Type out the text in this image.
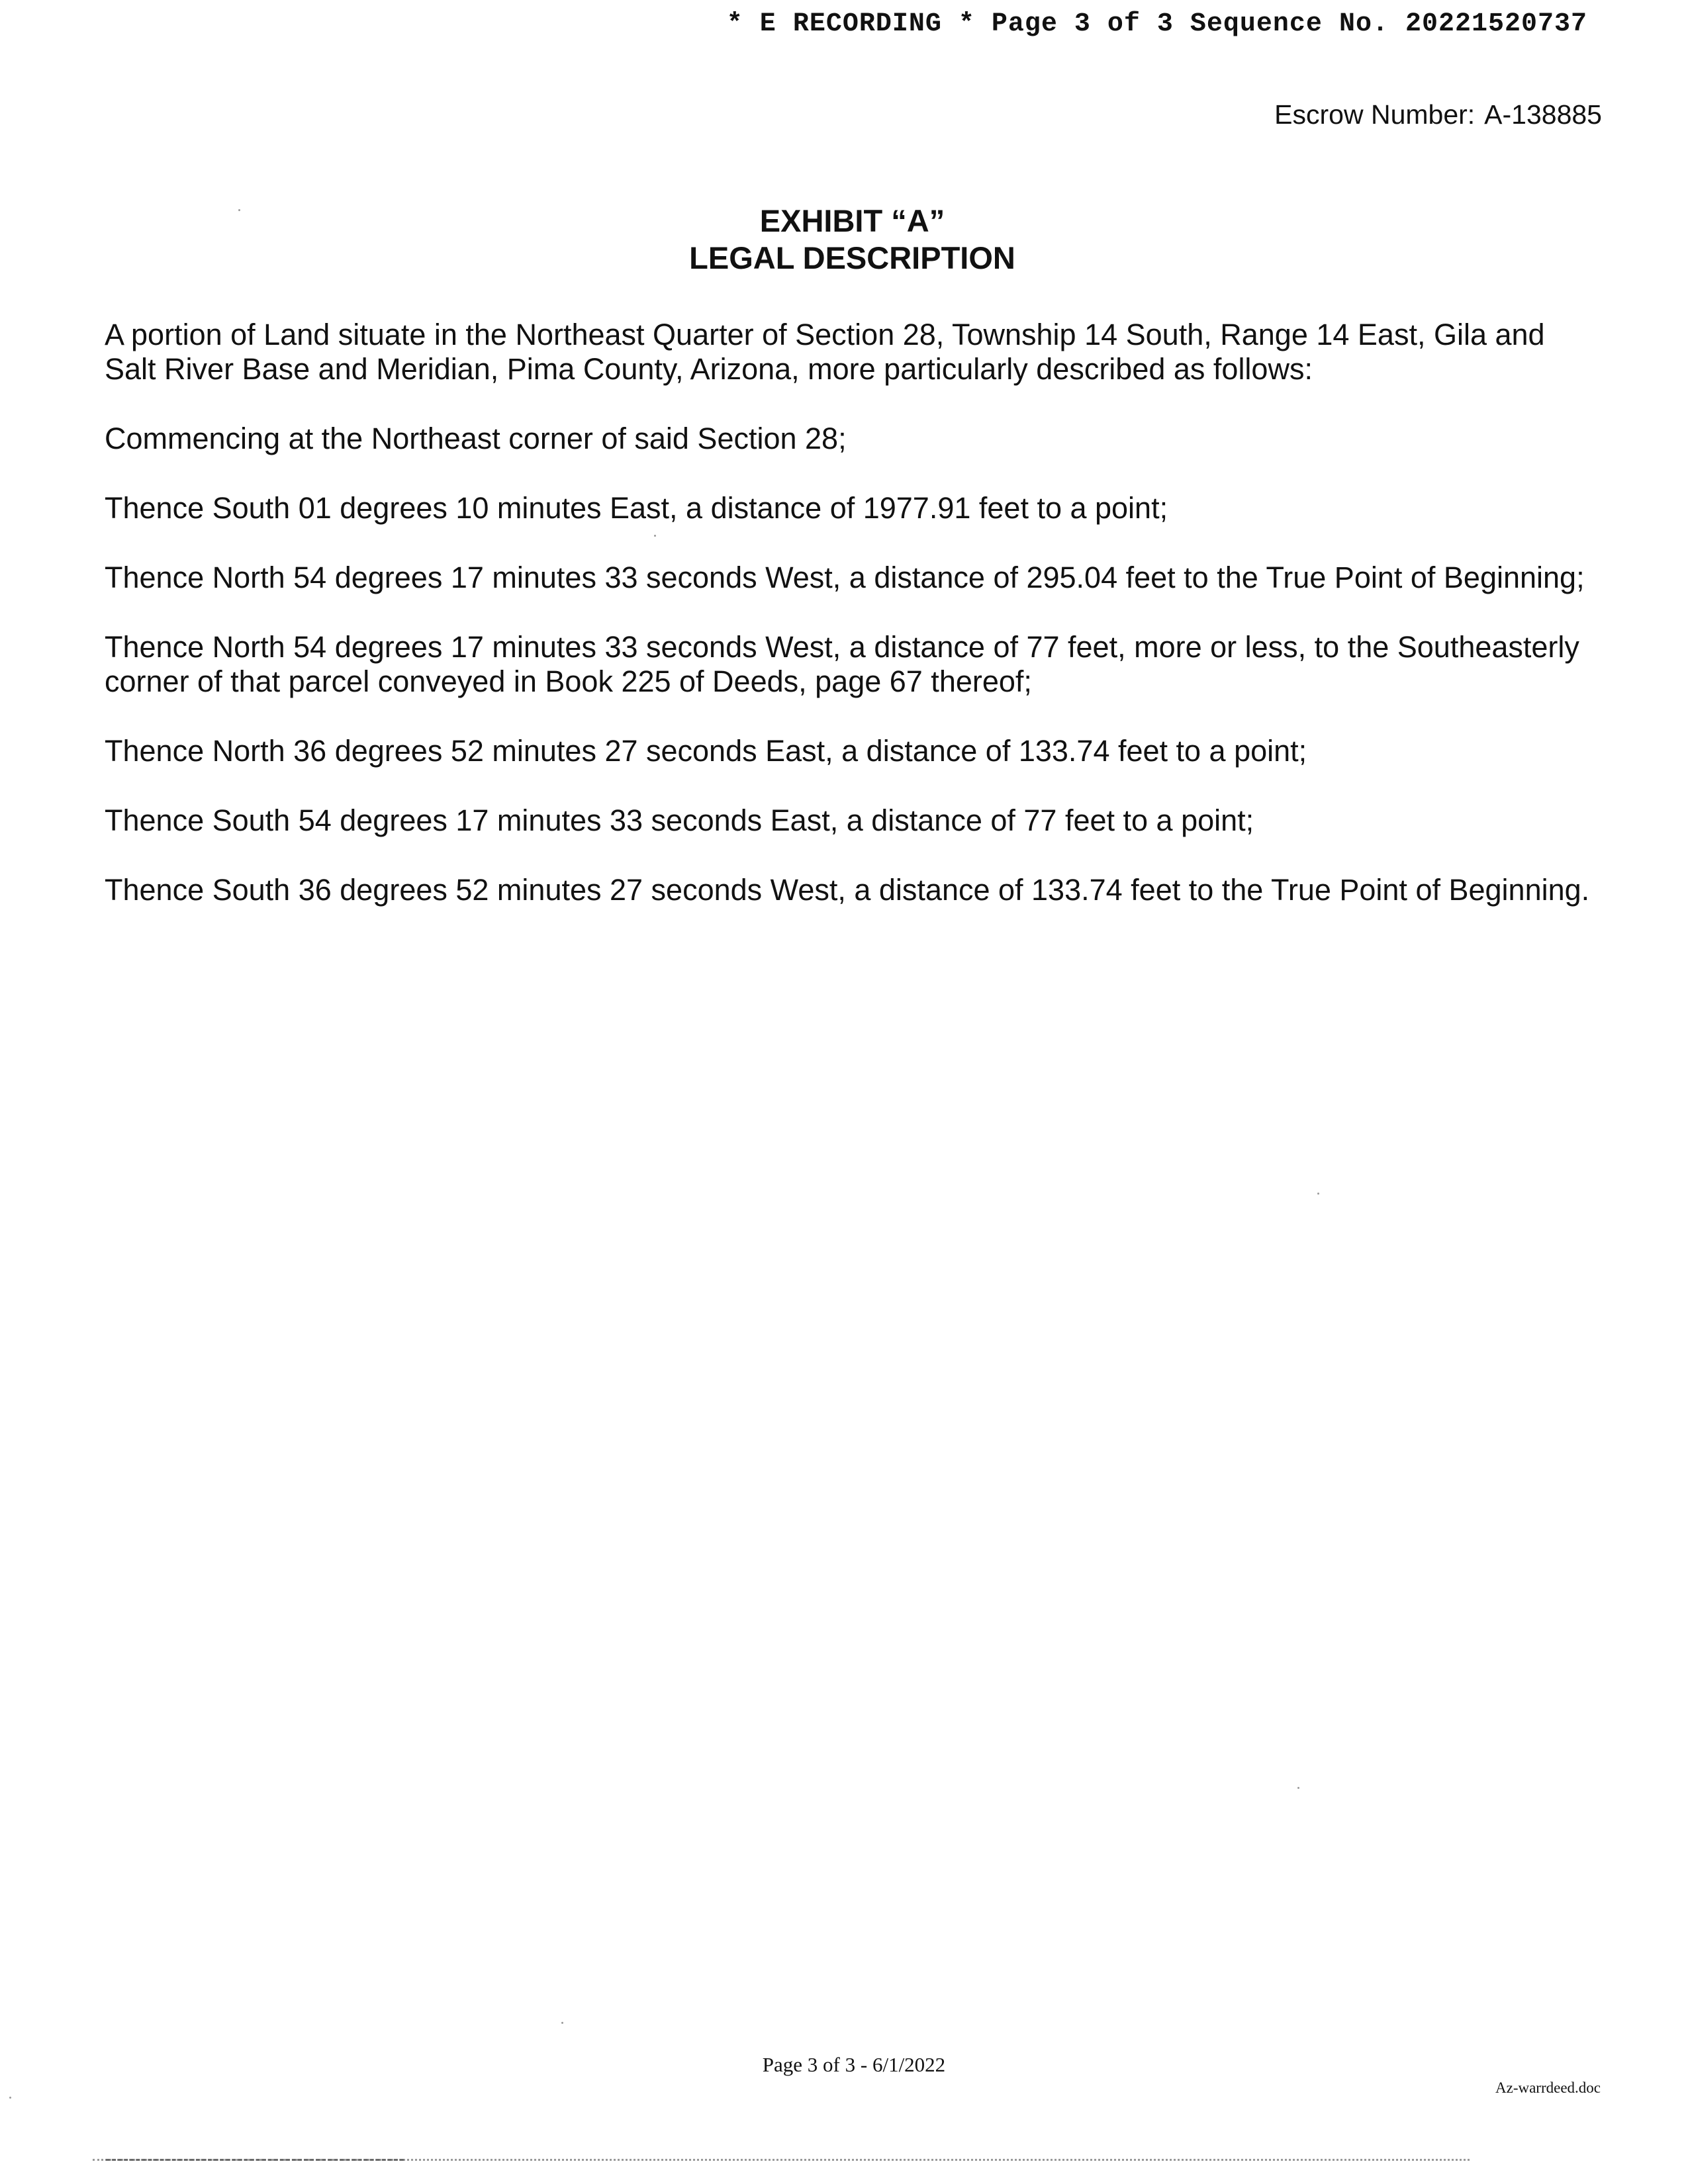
* E RECORDING * Page 3 of 3 Sequence No. 20221520737
Escrow Number: A-138885
EXHIBIT “A”
LEGAL DESCRIPTION

A portion of Land situate in the Northeast Quarter of Section 28, Township 14 South, Range 14 East, Gila and Salt River Base and Meridian, Pima County, Arizona, more particularly described as follows:

Commencing at the Northeast corner of said Section 28;

Thence South 01 degrees 10 minutes East, a distance of 1977.91 feet to a point;

Thence North 54 degrees 17 minutes 33 seconds West, a distance of 295.04 feet to the True Point of Beginning;

Thence North 54 degrees 17 minutes 33 seconds West, a distance of 77 feet, more or less, to the Southeasterly corner of that parcel conveyed in Book 225 of Deeds, page 67 thereof;

Thence North 36 degrees 52 minutes 27 seconds East, a distance of 133.74 feet to a point;

Thence South 54 degrees 17 minutes 33 seconds East, a distance of 77 feet to a point;

Thence South 36 degrees 52 minutes 27 seconds West, a distance of 133.74 feet to the True Point of Beginning.

Page 3 of 3 - 6/1/2022
Az-warrdeed.doc
